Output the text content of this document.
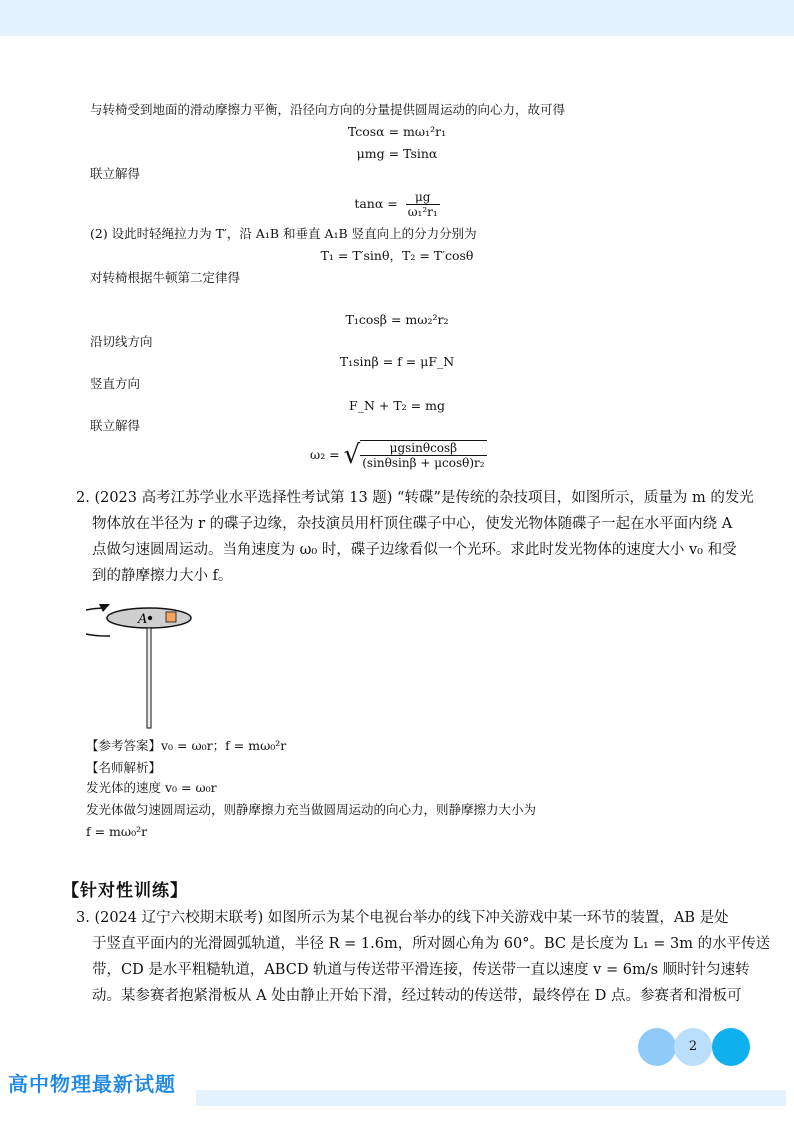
与转椅受到地面的滑动摩擦力平衡，沿径向方向的分量提供圆周运动的向心力，故可得
Tcosα = mω₁²r₁
μmg = Tsinα
联立解得
$\tan\alpha = \frac{\mu g}{\text{ω₁²r₁}}$
(2) 设此时轻绳拉力为 T′，沿 A₁B 和垂直 A₁B 竖直向上的分力分别为
T₁ = T′sinθ，T₂ = T′cosθ
对转椅根据牛顿第二定律得
T₁cosβ = mω₂²r₂
沿切线方向
T₁sinβ = f = μF_N
竖直方向
F_N + T₂ = mg
联立解得
ω₂ = √ $\frac{\mu gsin\theta\cos\beta}{\text{(sinθsinβ + μcosθ)r₂}}$
2. (2023 高考江苏学业水平选择性考试第 13 题) “转碟”是传统的杂技项目，如图所示，质量为 m 的发光
物体放在半径为 r 的碟子边缘，杂技演员用杆顶住碟子中心，使发光物体随碟子一起在水平面内绕 A
点做匀速圆周运动。当角速度为 ω₀ 时，碟子边缘看似一个光环。求此时发光物体的速度大小 v₀ 和受
到的静摩擦力大小 f。
A
【参考答案】v₀ = ω₀r；f = mω₀²r
【名师解析】
发光体的速度 v₀ = ω₀r
发光体做匀速圆周运动，则静摩擦力充当做圆周运动的向心力，则静摩擦力大小为
f = mω₀²r
【针对性训练】
3. (2024 辽宁六校期末联考) 如图所示为某个电视台举办的线下冲关游戏中某一环节的装置，AB 是处
于竖直平面内的光滑圆弧轨道，半径 R = 1.6m，所对圆心角为 60°。BC 是长度为 L₁ = 3m 的水平传送
带，CD 是水平粗糙轨道，ABCD 轨道与传送带平滑连接，传送带一直以速度 v = 6m/s 顺时针匀速转
动。某参赛者抱紧滑板从 A 处由静止开始下滑，经过转动的传送带，最终停在 D 点。参赛者和滑板可
2
高中物理最新试题
